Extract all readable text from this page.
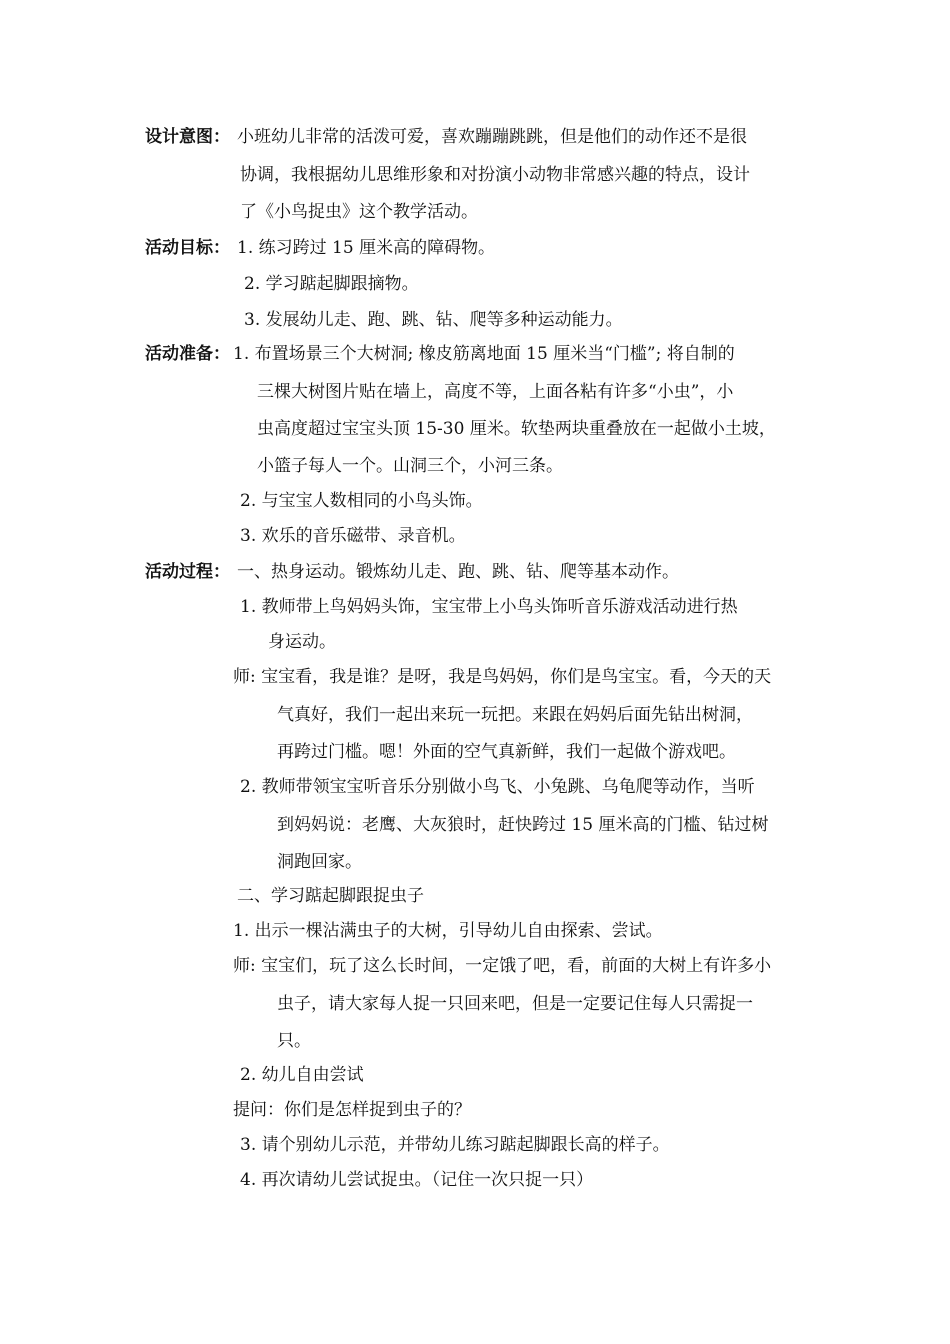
设计意图： 小班幼儿非常的活泼可爱，喜欢蹦蹦跳跳，但是他们的动作还不是很
协调，我根据幼儿思维形象和对扮演小动物非常感兴趣的特点，设计
了《小鸟捉虫》这个教学活动。
活动目标： 1. 练习跨过 15 厘米高的障碍物。
2. 学习踮起脚跟摘物。
3. 发展幼儿走、跑、跳、钻、爬等多种运动能力。
活动准备： 1. 布置场景三个大树洞; 橡皮筋离地面 15 厘米当“门槛”; 将自制的
三棵大树图片贴在墙上，高度不等，上面各粘有许多“小虫”，小
虫高度超过宝宝头顶 15-30 厘米。软垫两块重叠放在一起做小土坡，
小篮子每人一个。山洞三个，小河三条。
2. 与宝宝人数相同的小鸟头饰。
3. 欢乐的音乐磁带、录音机。
活动过程： 一、热身运动。锻炼幼儿走、跑、跳、钻、爬等基本动作。
1. 教师带上鸟妈妈头饰，宝宝带上小鸟头饰听音乐游戏活动进行热
身运动。
师: 宝宝看，我是谁？是呀，我是鸟妈妈，你们是鸟宝宝。看，今天的天
气真好，我们一起出来玩一玩把。来跟在妈妈后面先钻出树洞，
再跨过门槛。嗯！外面的空气真新鲜，我们一起做个游戏吧。
2. 教师带领宝宝听音乐分别做小鸟飞、小兔跳、乌龟爬等动作，当听
到妈妈说：老鹰、大灰狼时，赶快跨过 15 厘米高的门槛、钻过树
洞跑回家。
二、学习踮起脚跟捉虫子
1. 出示一棵沾满虫子的大树，引导幼儿自由探索、尝试。
师: 宝宝们，玩了这么长时间，一定饿了吧，看，前面的大树上有许多小
虫子，请大家每人捉一只回来吧，但是一定要记住每人只需捉一
只。
2. 幼儿自由尝试
提问：你们是怎样捉到虫子的？
3. 请个别幼儿示范，并带幼儿练习踮起脚跟长高的样子。
4. 再次请幼儿尝试捉虫。（记住一次只捉一只）
